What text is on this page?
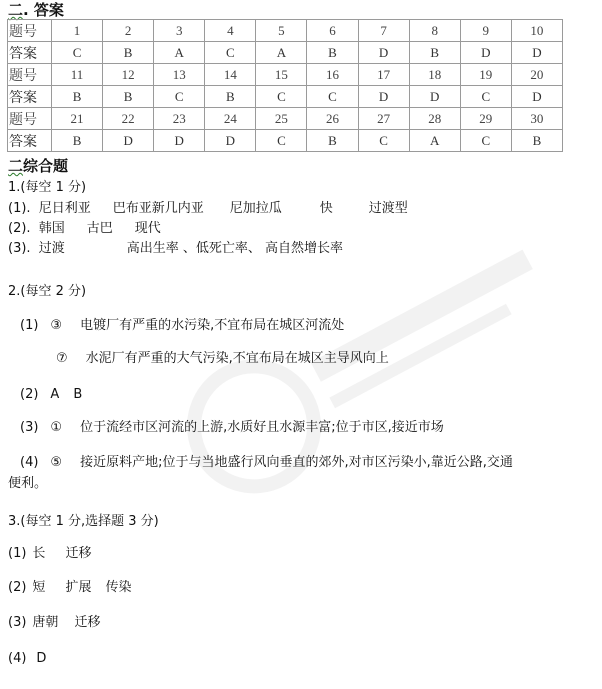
二. 答案
题号	1	2	3	4	5	6	7	8	9	10
答案	C	B	A	C	A	B	D	B	D	D
题号	11	12	13	14	15	16	17	18	19	20
答案	B	B	C	B	C	C	D	D	C	D
题号	21	22	23	24	25	26	27	28	29	30
答案	B	D	D	D	C	B	C	A	C	B
二综合题
1.(每空 1 分)
(1). 尼日利亚 巴布亚新几内亚 尼加拉瓜	快	过渡型
(2). 韩国 古巴 现代
(3). 过渡	高出生率 、低死亡率、 高自然增长率
2.(每空 2 分)
(1) ③ 电镀厂有严重的水污染,不宜布局在城区河流处
⑦ 水泥厂有严重的大气污染,不宜布局在城区主导风向上
(2) A B
(3) ① 位于流经市区河流的上游,水质好且水源丰富;位于市区,接近市场
(4) ⑤ 接近原料产地;位于与当地盛行风向垂直的郊外,对市区污染小,靠近公路,交通
便利。
3.(每空 1 分,选择题 3 分)
(1) 长 迁移
(2) 短 扩展 传染
(3) 唐朝 迁移
(4) D
